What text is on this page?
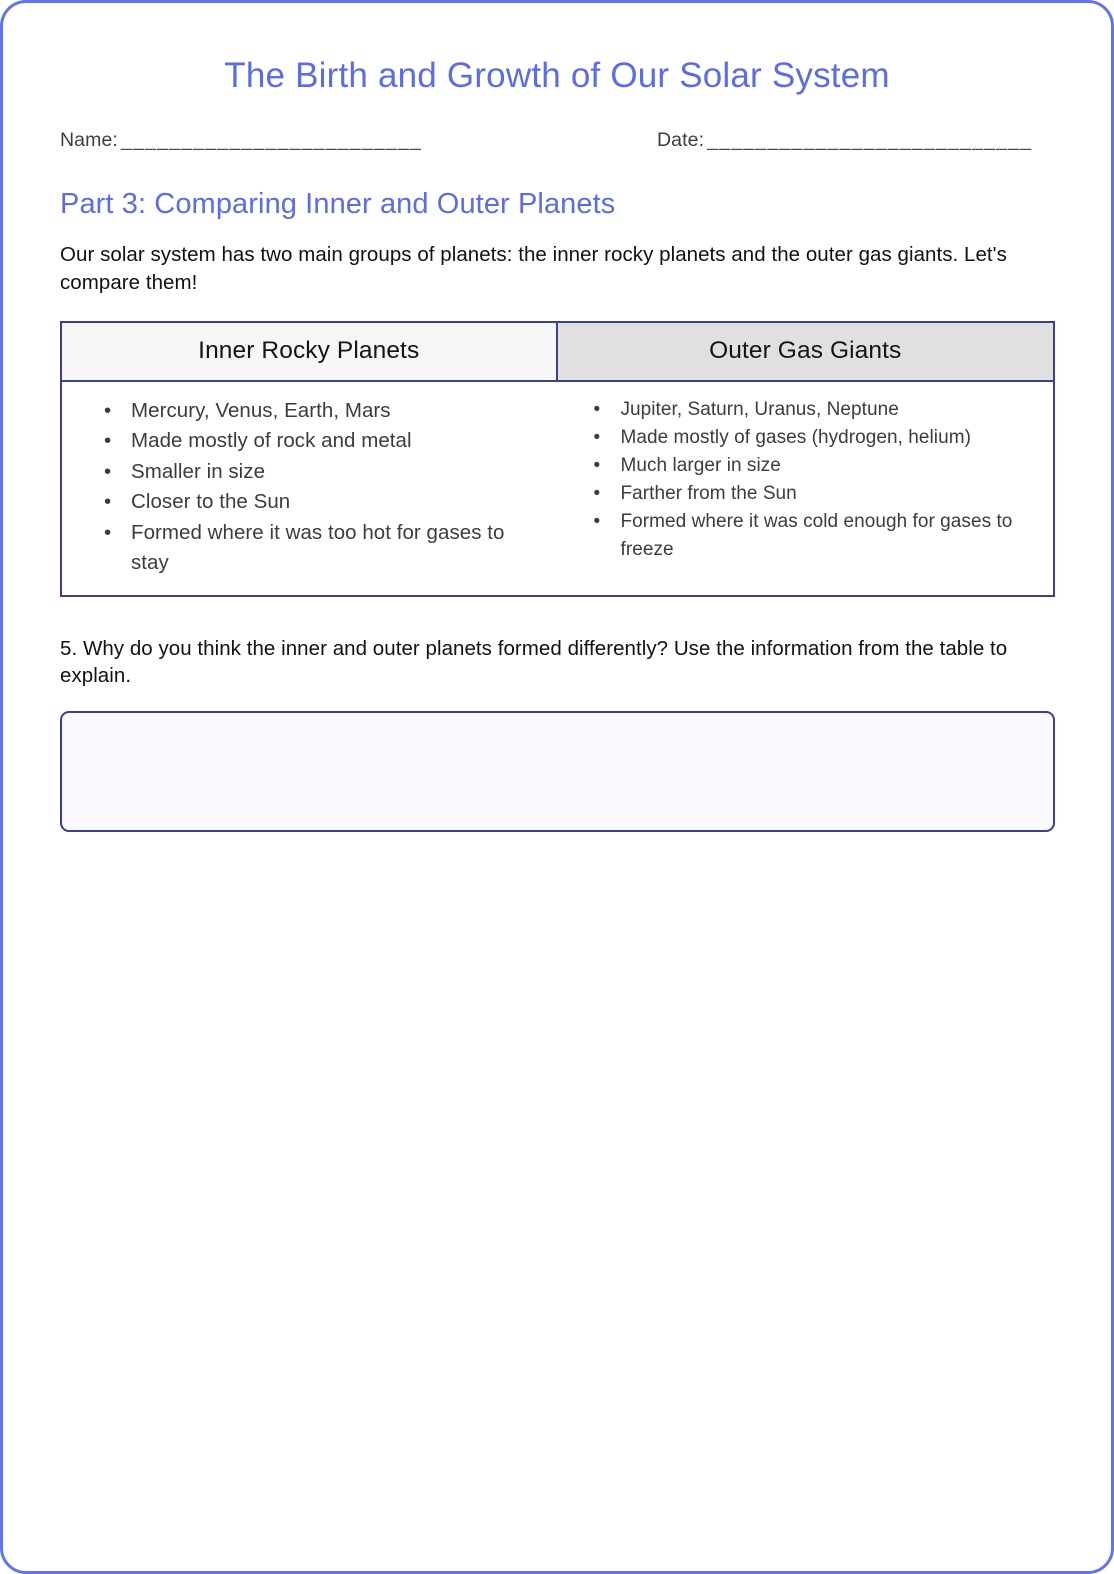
The Birth and Growth of Our Solar System
Name: _________________________	Date: ___________________________
Part 3: Comparing Inner and Outer Planets

Our solar system has two main groups of planets: the inner rocky planets and the outer gas giants. Let's compare them!

Inner Rocky Planets	Outer Gas Giants
• Mercury, Venus, Earth, Mars
• Made mostly of rock and metal
• Smaller in size
• Closer to the Sun
• Formed where it was too hot for gases to stay
• Jupiter, Saturn, Uranus, Neptune
• Made mostly of gases (hydrogen, helium)
• Much larger in size
• Farther from the Sun
• Formed where it was cold enough for gases to freeze

5. Why do you think the inner and outer planets formed differently? Use the information from the table to explain.
